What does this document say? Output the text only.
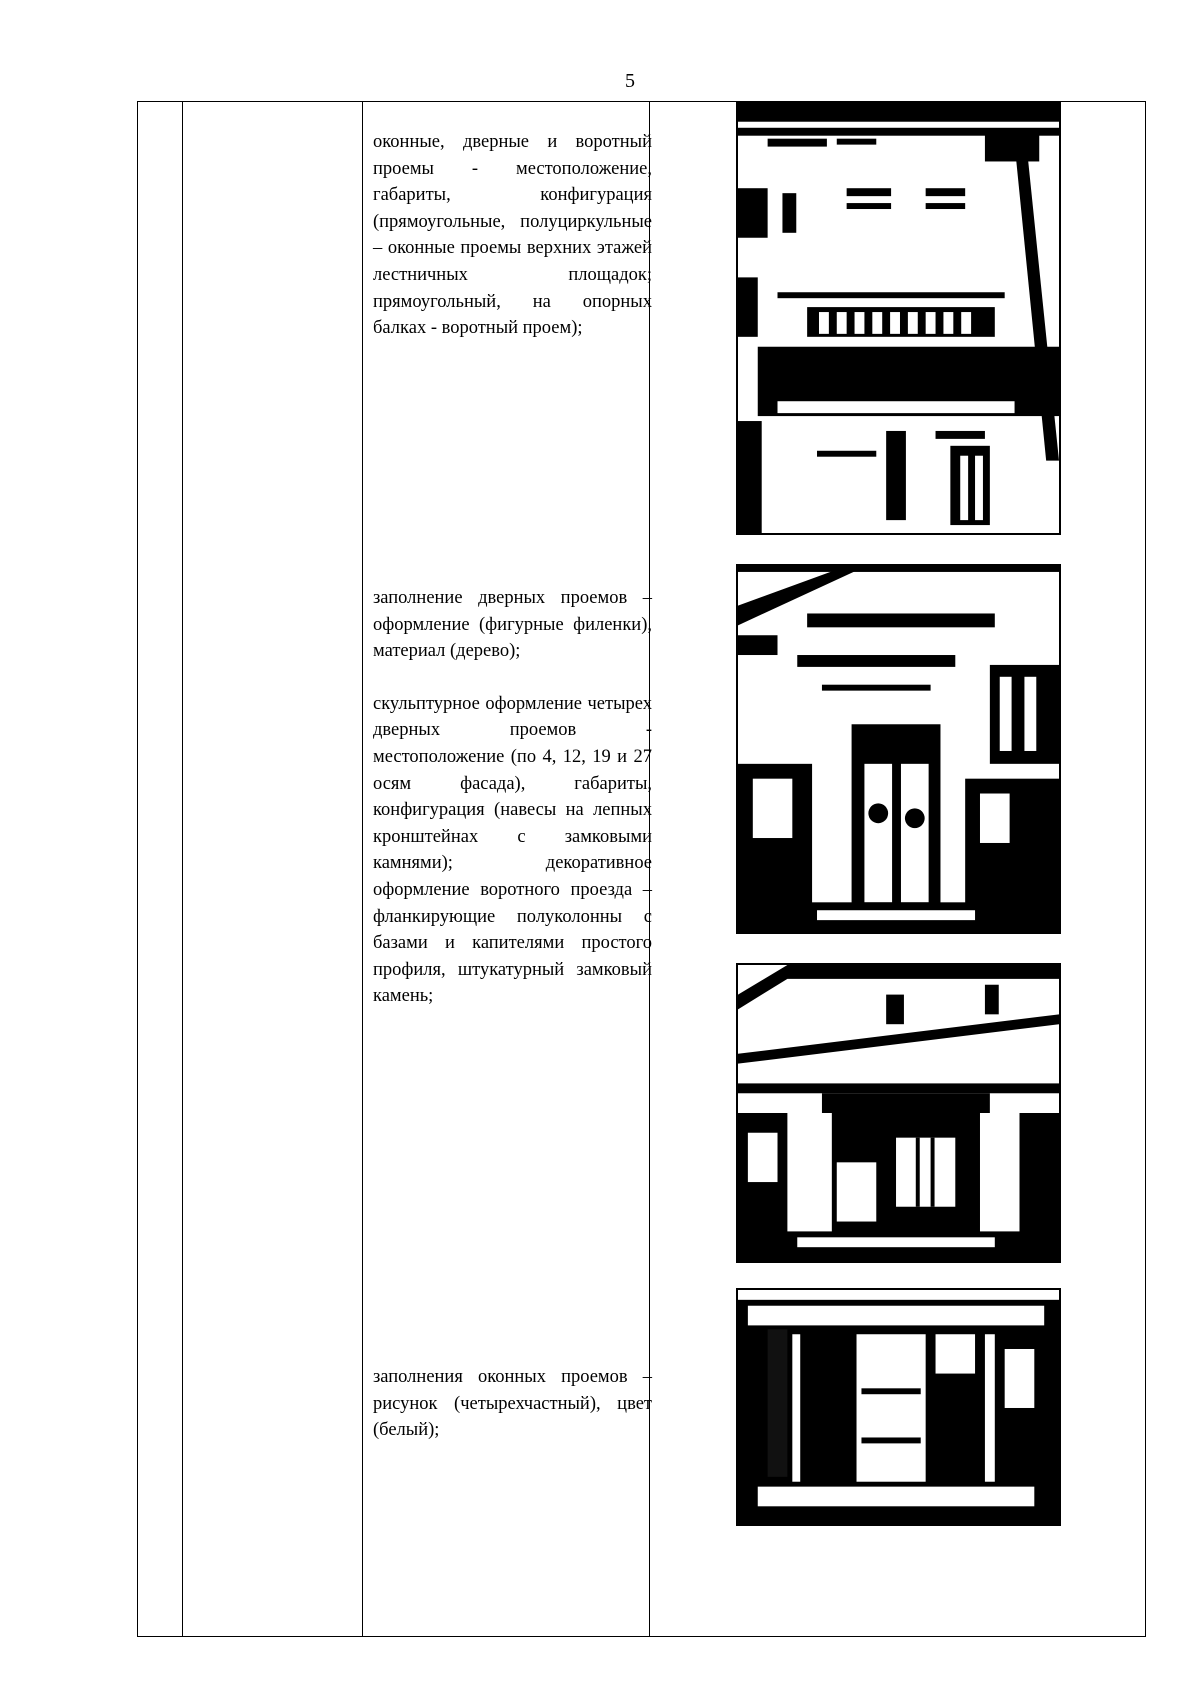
5

оконные, дверные и воротный проемы - местоположение, габариты, конфигурация (прямоугольные, полуциркульные – оконные проемы верхних этажей лестничных площадок; прямоугольный, на опорных балках - воротный проем);

заполнение дверных проемов – оформление (фигурные филенки), материал (дерево);

скульптурное оформление четырех дверных проемов - местоположение (по 4, 12, 19 и 27 осям фасада), габариты, конфигурация (навесы на лепных кронштейнах с замковыми камнями); декоративное оформление воротного проезда – фланкирующие полуколонны с базами и капителями простого профиля, штукатурный замковый камень;

заполнения оконных проемов – рисунок (четырехчастный), цвет (белый);
